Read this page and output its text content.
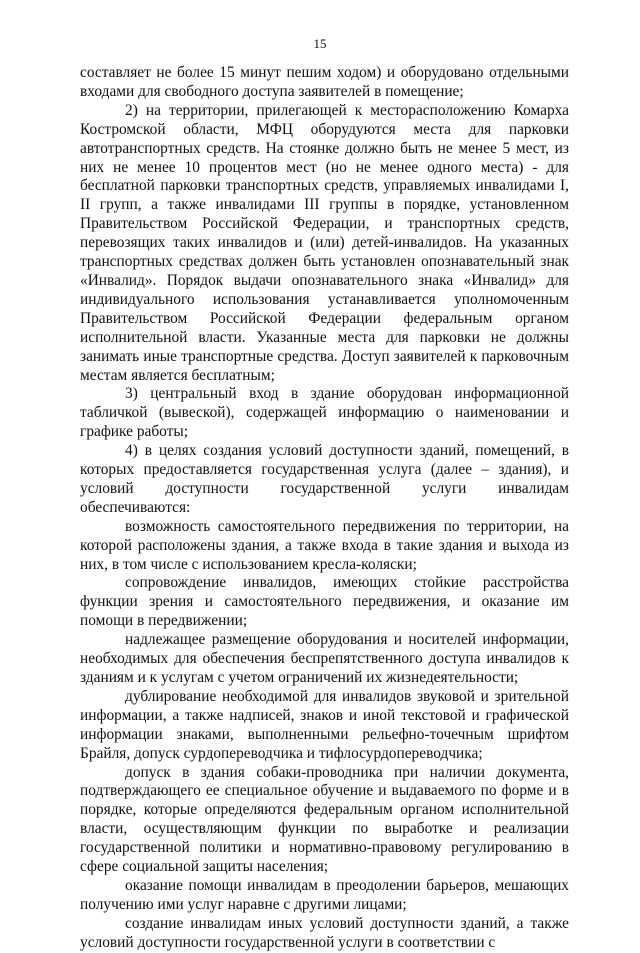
15

составляет не более 15 минут пешим ходом) и оборудовано отдельными входами для свободного доступа заявителей в помещение;

2) на территории, прилегающей к месторасположению Комарха Костромской области, МФЦ оборудуются места для парковки автотранспортных средств. На стоянке должно быть не менее 5 мест, из них не менее 10 процентов мест (но не менее одного места) - для бесплатной парковки транспортных средств, управляемых инвалидами I, II групп, а также инвалидами III группы в порядке, установленном Правительством Российской Федерации, и транспортных средств, перевозящих таких инвалидов и (или) детей-инвалидов. На указанных транспортных средствах должен быть установлен опознавательный знак «Инвалид». Порядок выдачи опознавательного знака «Инвалид» для индивидуального использования устанавливается уполномоченным Правительством Российской Федерации федеральным органом исполнительной власти. Указанные места для парковки не должны занимать иные транспортные средства. Доступ заявителей к парковочным местам является бесплатным;

3) центральный вход в здание оборудован информационной табличкой (вывеской), содержащей информацию о наименовании и графике работы;

4) в целях создания условий доступности зданий, помещений, в которых предоставляется государственная услуга (далее – здания), и условий доступности государственной услуги инвалидам обеспечиваются:

возможность самостоятельного передвижения по территории, на которой расположены здания, а также входа в такие здания и выхода из них, в том числе с использованием кресла-коляски;

сопровождение инвалидов, имеющих стойкие расстройства функции зрения и самостоятельного передвижения, и оказание им помощи в передвижении;

надлежащее размещение оборудования и носителей информации, необходимых для обеспечения беспрепятственного доступа инвалидов к зданиям и к услугам с учетом ограничений их жизнедеятельности;

дублирование необходимой для инвалидов звуковой и зрительной информации, а также надписей, знаков и иной текстовой и графической информации знаками, выполненными рельефно-точечным шрифтом Брайля, допуск сурдопереводчика и тифлосурдопереводчика;

допуск в здания собаки-проводника при наличии документа, подтверждающего ее специальное обучение и выдаваемого по форме и в порядке, которые определяются федеральным органом исполнительной власти, осуществляющим функции по выработке и реализации государственной политики и нормативно-правовому регулированию в сфере социальной защиты населения;

оказание помощи инвалидам в преодолении барьеров, мешающих получению ими услуг наравне с другими лицами;

создание инвалидам иных условий доступности зданий, а также условий доступности государственной услуги в соответствии с
